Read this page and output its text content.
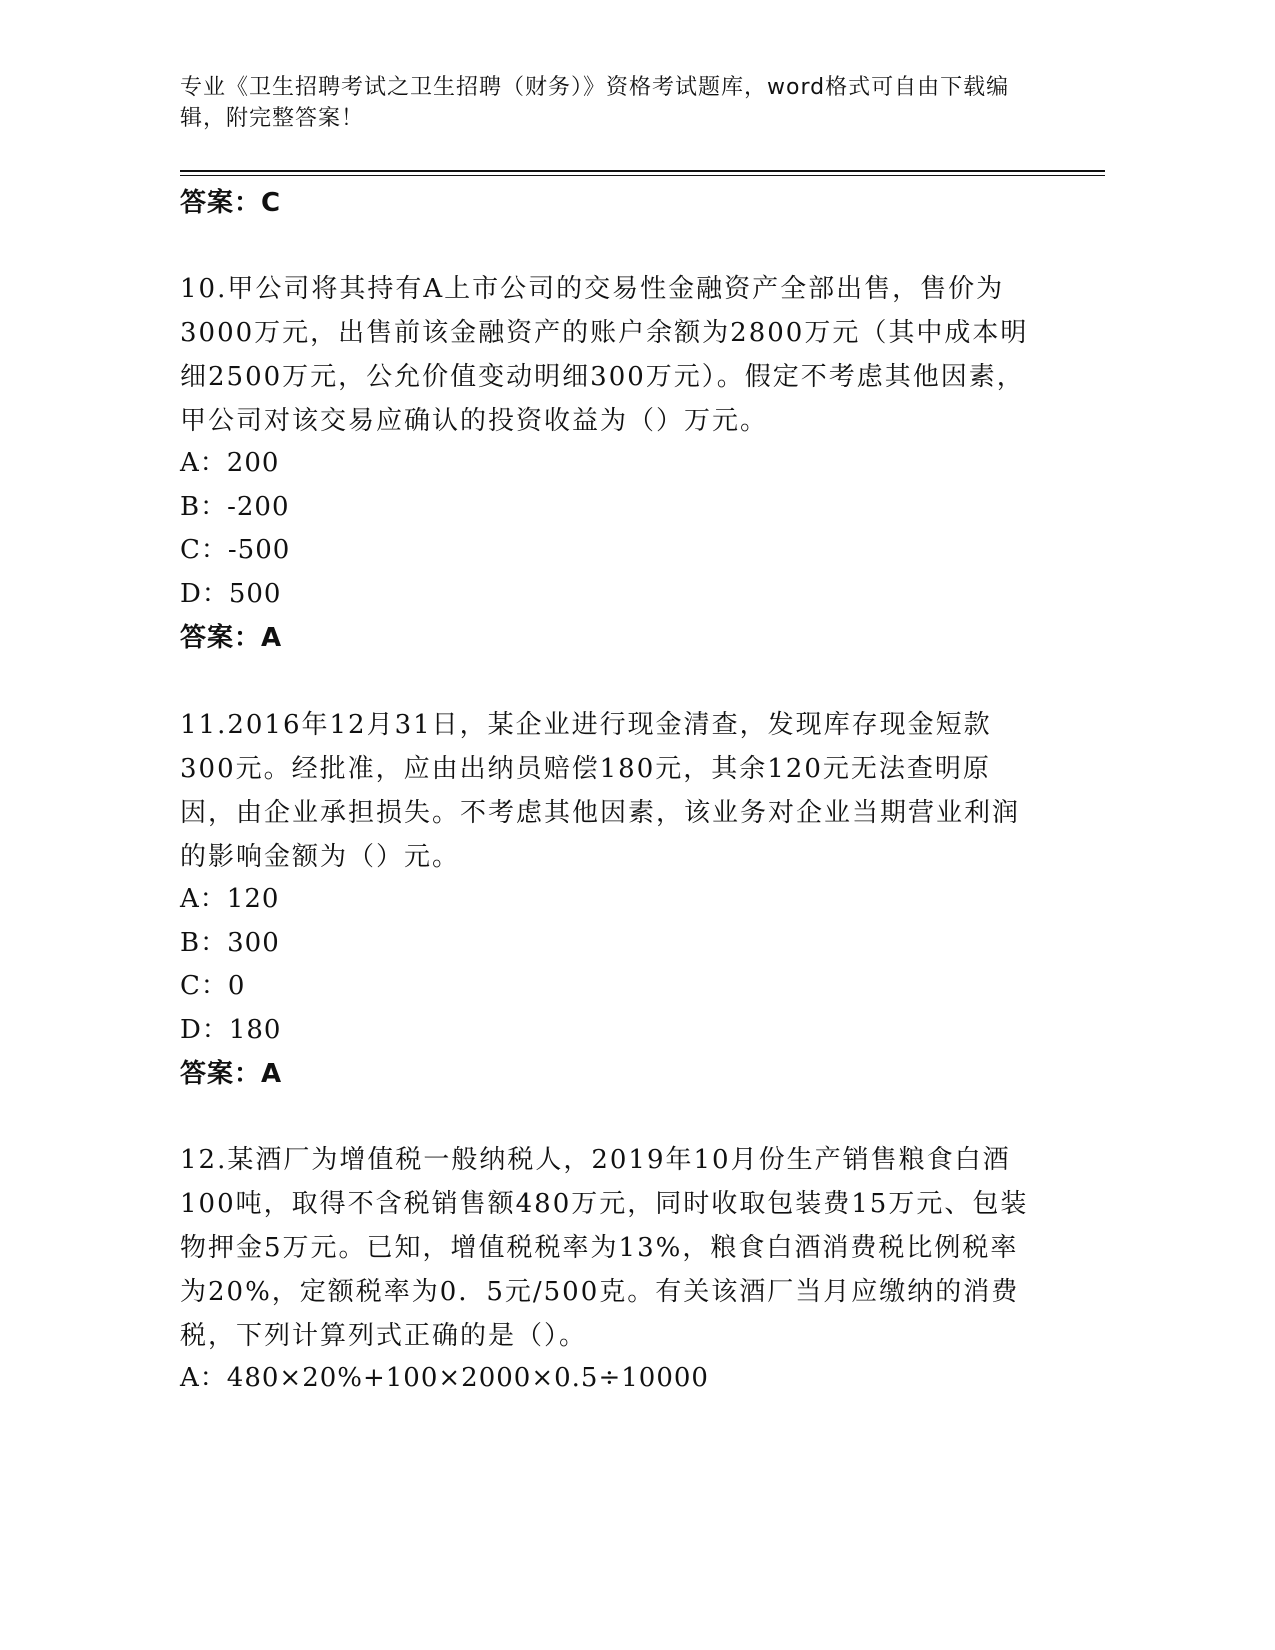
专业《卫生招聘考试之卫生招聘（财务）》资格考试题库，word格式可自由下载编辑，附完整答案！
答案：C
10.甲公司将其持有A上市公司的交易性金融资产全部出售，售价为3000万元，出售前该金融资产的账户余额为2800万元（其中成本明细2500万元，公允价值变动明细300万元）。假定不考虑其他因素，甲公司对该交易应确认的投资收益为（）万元。
A：200
B：-200
C：-500
D：500
答案：A
11.2016年12月31日，某企业进行现金清查，发现库存现金短款300元。经批准，应由出纳员赔偿180元，其余120元无法查明原因，由企业承担损失。不考虑其他因素，该业务对企业当期营业利润的影响金额为（）元。
A：120
B：300
C：0
D：180
答案：A
12.某酒厂为增值税一般纳税人，2019年10月份生产销售粮食白酒100吨，取得不含税销售额480万元，同时收取包装费15万元、包装物押金5万元。已知，增值税税率为13%，粮食白酒消费税比例税率为20%，定额税率为0．5元/500克。有关该酒厂当月应缴纳的消费税，下列计算列式正确的是（）。
A：480×20%+100×2000×0.5÷10000
